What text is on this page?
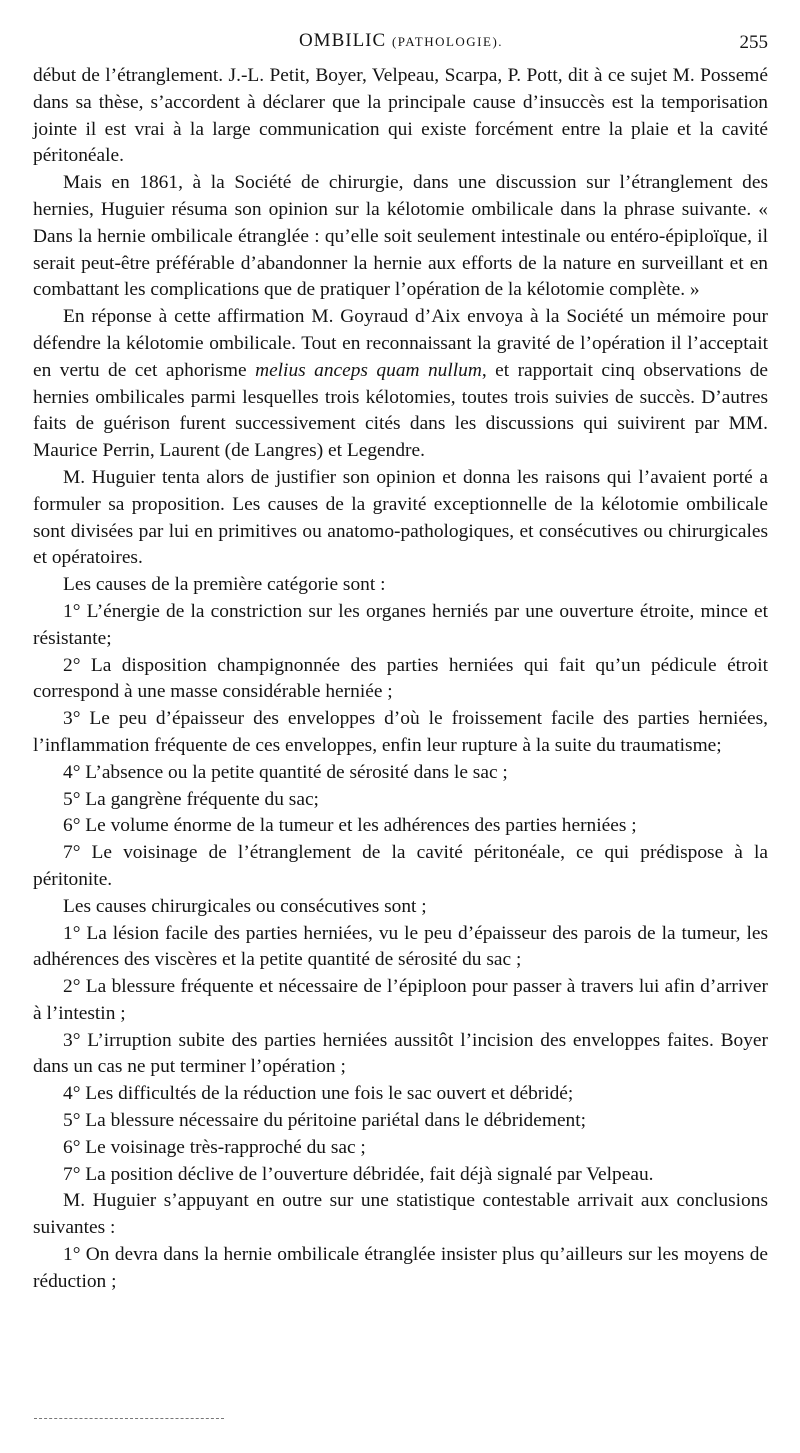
OMBILIC (PATHOLOGIE).	255

début de l’étranglement. J.-L. Petit, Boyer, Velpeau, Scarpa, P. Pott, dit à ce sujet M. Possemé dans sa thèse, s’accordent à déclarer que la principale cause d’insuccès est la temporisation jointe il est vrai à la large communication qui existe forcément entre la plaie et la cavité péritonéale.

Mais en 1861, à la Société de chirurgie, dans une discussion sur l’étranglement des hernies, Huguier résuma son opinion sur la kélotomie ombilicale dans la phrase suivante. « Dans la hernie ombilicale étranglée : qu’elle soit seulement intestinale ou entéro-épiploïque, il serait peut-être préférable d’abandonner la hernie aux efforts de la nature en surveillant et en combattant les complications que de pratiquer l’opération de la kélotomie complète. »

En réponse à cette affirmation M. Goyraud d’Aix envoya à la Société un mémoire pour défendre la kélotomie ombilicale. Tout en reconnaissant la gravité de l’opération il l’acceptait en vertu de cet aphorisme melius anceps quam nullum, et rapportait cinq observations de hernies ombilicales parmi lesquelles trois kélotomies, toutes trois suivies de succès. D’autres faits de guérison furent successivement cités dans les discussions qui suivirent par MM. Maurice Perrin, Laurent (de Langres) et Legendre.

M. Huguier tenta alors de justifier son opinion et donna les raisons qui l’avaient porté a formuler sa proposition. Les causes de la gravité exceptionnelle de la kélotomie ombilicale sont divisées par lui en primitives ou anatomo-pathologiques, et consécutives ou chirurgicales et opératoires.

Les causes de la première catégorie sont :

1° L’énergie de la constriction sur les organes herniés par une ouverture étroite, mince et résistante;

2° La disposition champignonnée des parties herniées qui fait qu’un pédicule étroit correspond à une masse considérable herniée ;

3° Le peu d’épaisseur des enveloppes d’où le froissement facile des parties herniées, l’inflammation fréquente de ces enveloppes, enfin leur rupture à la suite du traumatisme;

4° L’absence ou la petite quantité de sérosité dans le sac ;

5° La gangrène fréquente du sac;

6° Le volume énorme de la tumeur et les adhérences des parties herniées ;

7° Le voisinage de l’étranglement de la cavité péritonéale, ce qui prédispose à la péritonite.

Les causes chirurgicales ou consécutives sont ;

1° La lésion facile des parties herniées, vu le peu d’épaisseur des parois de la tumeur, les adhérences des viscères et la petite quantité de sérosité du sac ;

2° La blessure fréquente et nécessaire de l’épiploon pour passer à travers lui afin d’arriver à l’intestin ;

3° L’irruption subite des parties herniées aussitôt l’incision des enveloppes faites. Boyer dans un cas ne put terminer l’opération ;

4° Les difficultés de la réduction une fois le sac ouvert et débridé;

5° La blessure nécessaire du péritoine pariétal dans le débridement;

6° Le voisinage très-rapproché du sac ;

7° La position déclive de l’ouverture débridée, fait déjà signalé par Velpeau.

M. Huguier s’appuyant en outre sur une statistique contestable arrivait aux conclusions suivantes :

1° On devra dans la hernie ombilicale étranglée insister plus qu’ailleurs sur les moyens de réduction ;
